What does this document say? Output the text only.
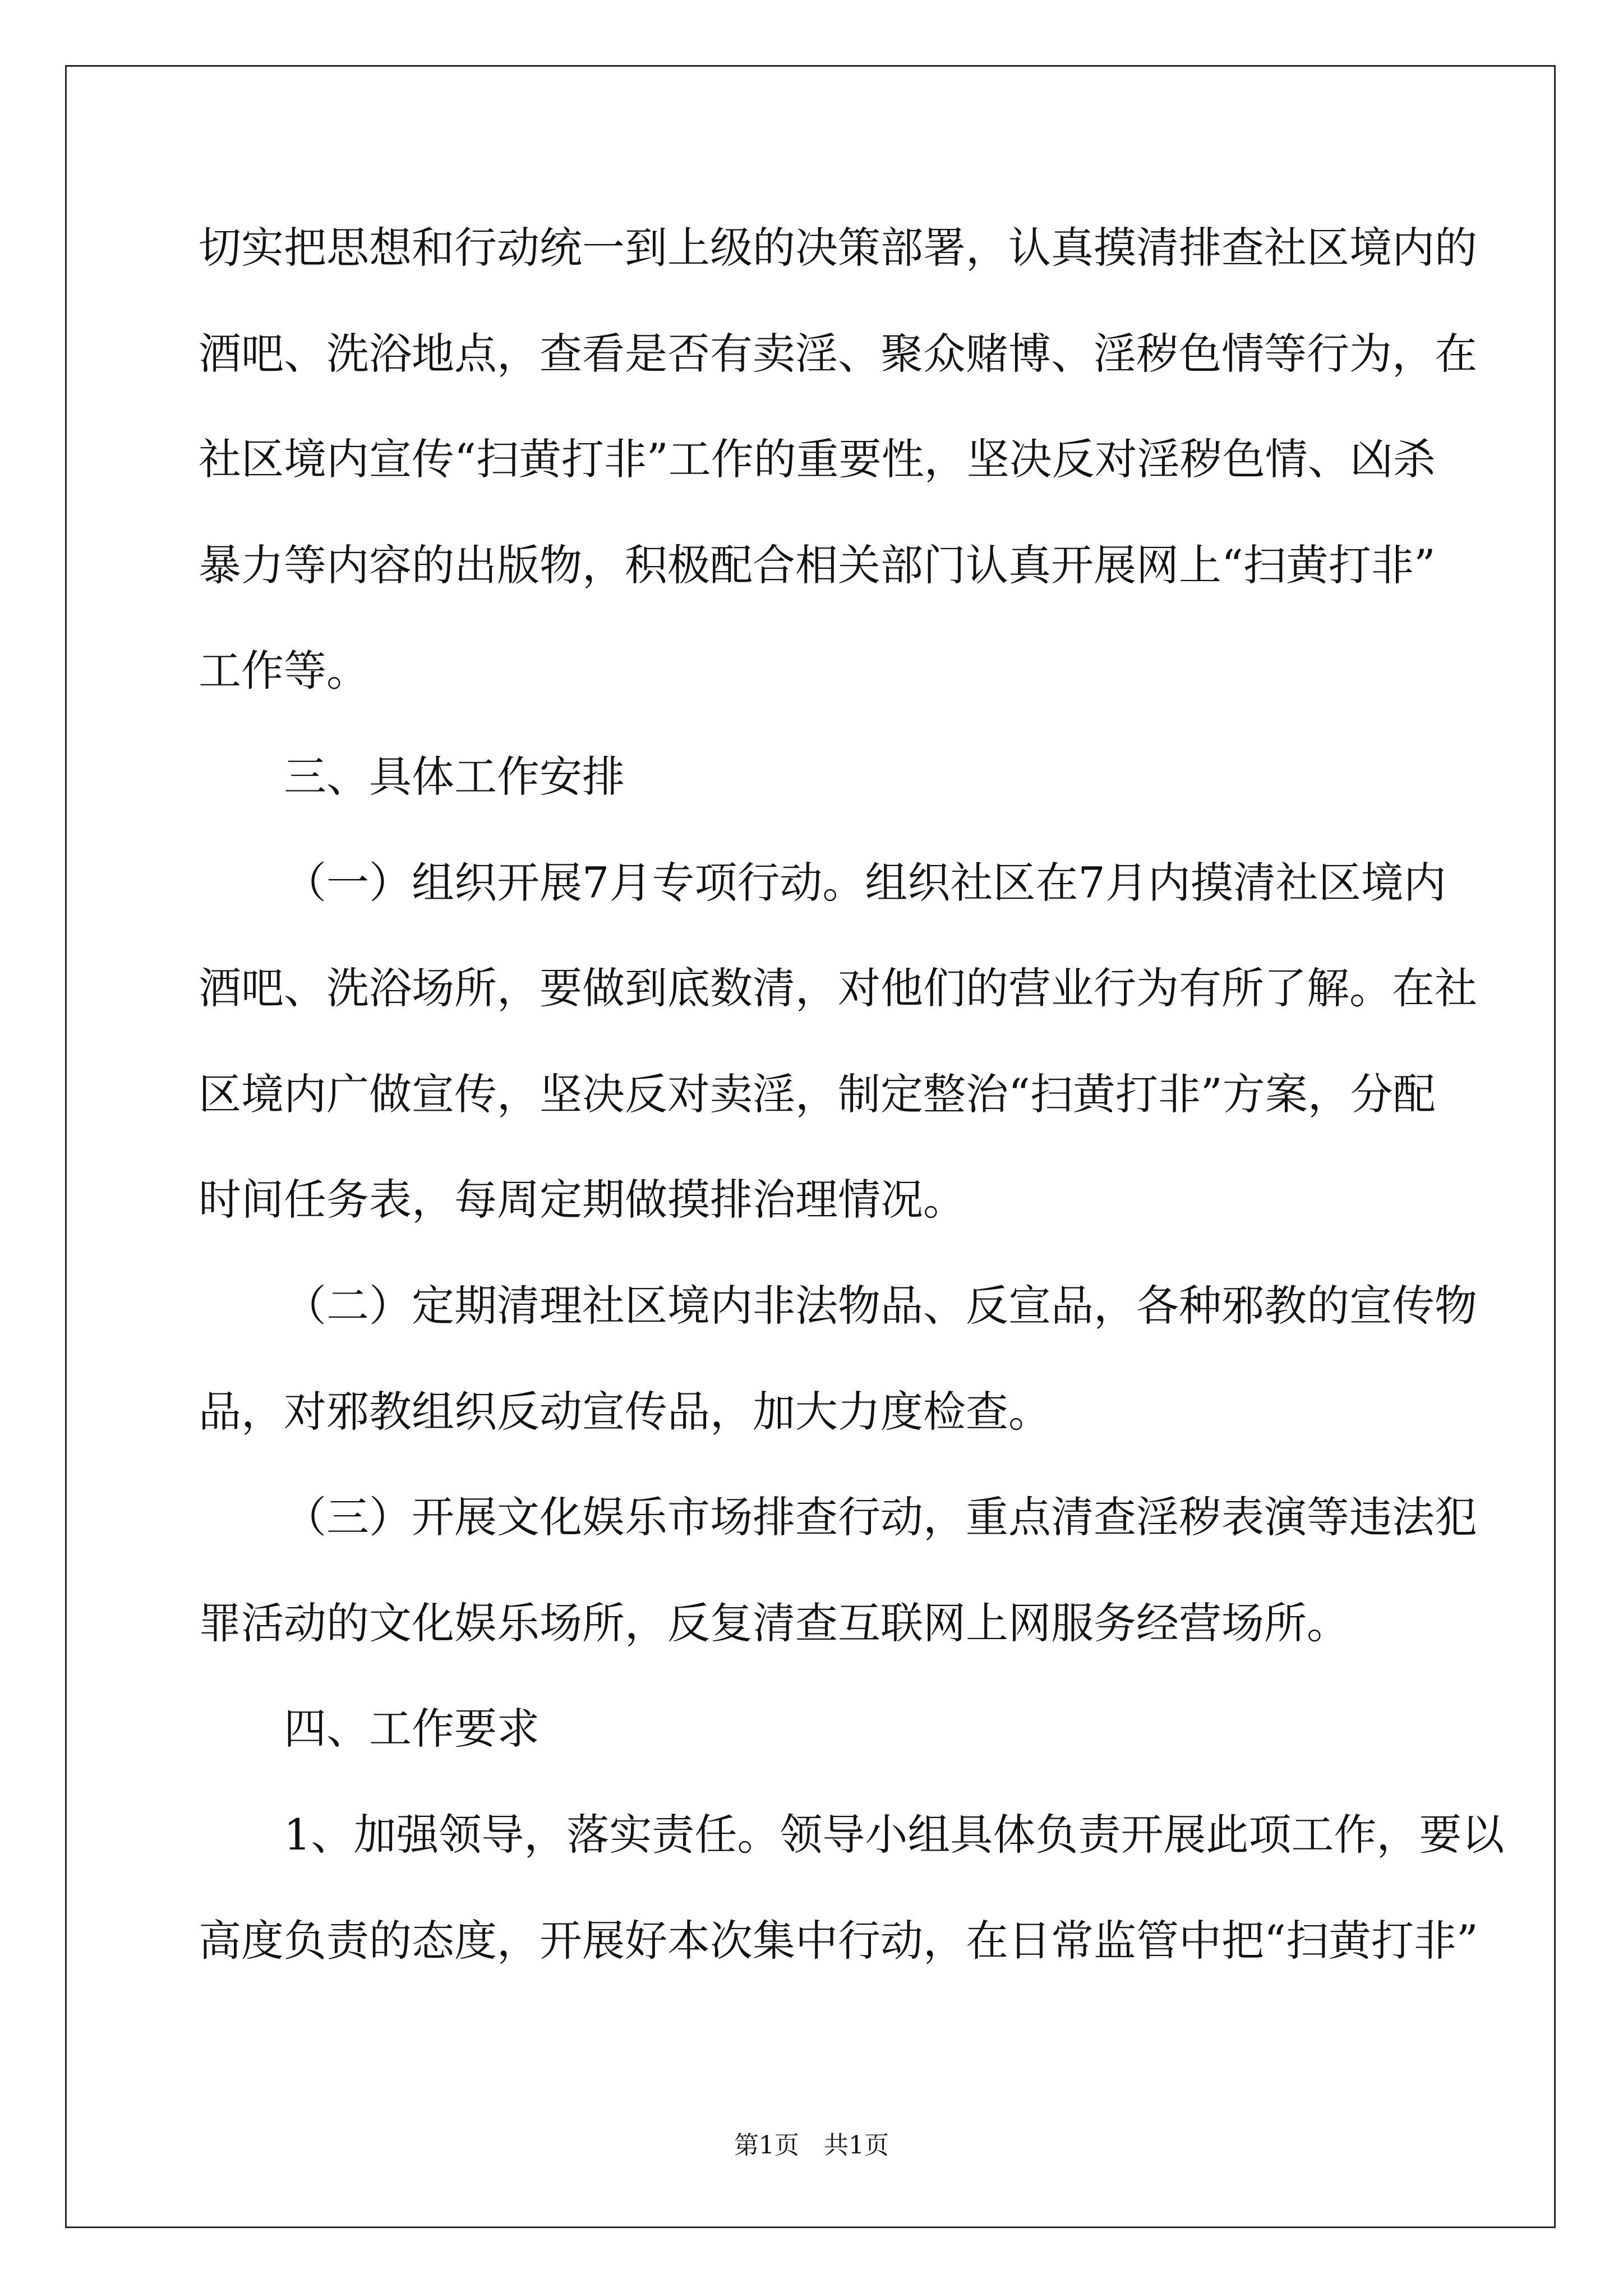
切实把思想和行动统一到上级的决策部署，认真摸清排查社区境内的
酒吧、洗浴地点，查看是否有卖淫、聚众赌博、淫秽色情等行为，在
社区境内宣传“扫黄打非”工作的重要性，坚决反对淫秽色情、凶杀
暴力等内容的出版物，积极配合相关部门认真开展网上“扫黄打非”
工作等。
三、具体工作安排
（一）组织开展7月专项行动。组织社区在7月内摸清社区境内
酒吧、洗浴场所，要做到底数清，对他们的营业行为有所了解。在社
区境内广做宣传，坚决反对卖淫，制定整治“扫黄打非”方案，分配
时间任务表，每周定期做摸排治理情况。
（二）定期清理社区境内非法物品、反宣品，各种邪教的宣传物
品，对邪教组织反动宣传品，加大力度检查。
（三）开展文化娱乐市场排查行动，重点清查淫秽表演等违法犯
罪活动的文化娱乐场所，反复清查互联网上网服务经营场所。
四、工作要求
1、加强领导，落实责任。领导小组具体负责开展此项工作，要以
高度负责的态度，开展好本次集中行动，在日常监管中把“扫黄打非”
第1页　共1页
